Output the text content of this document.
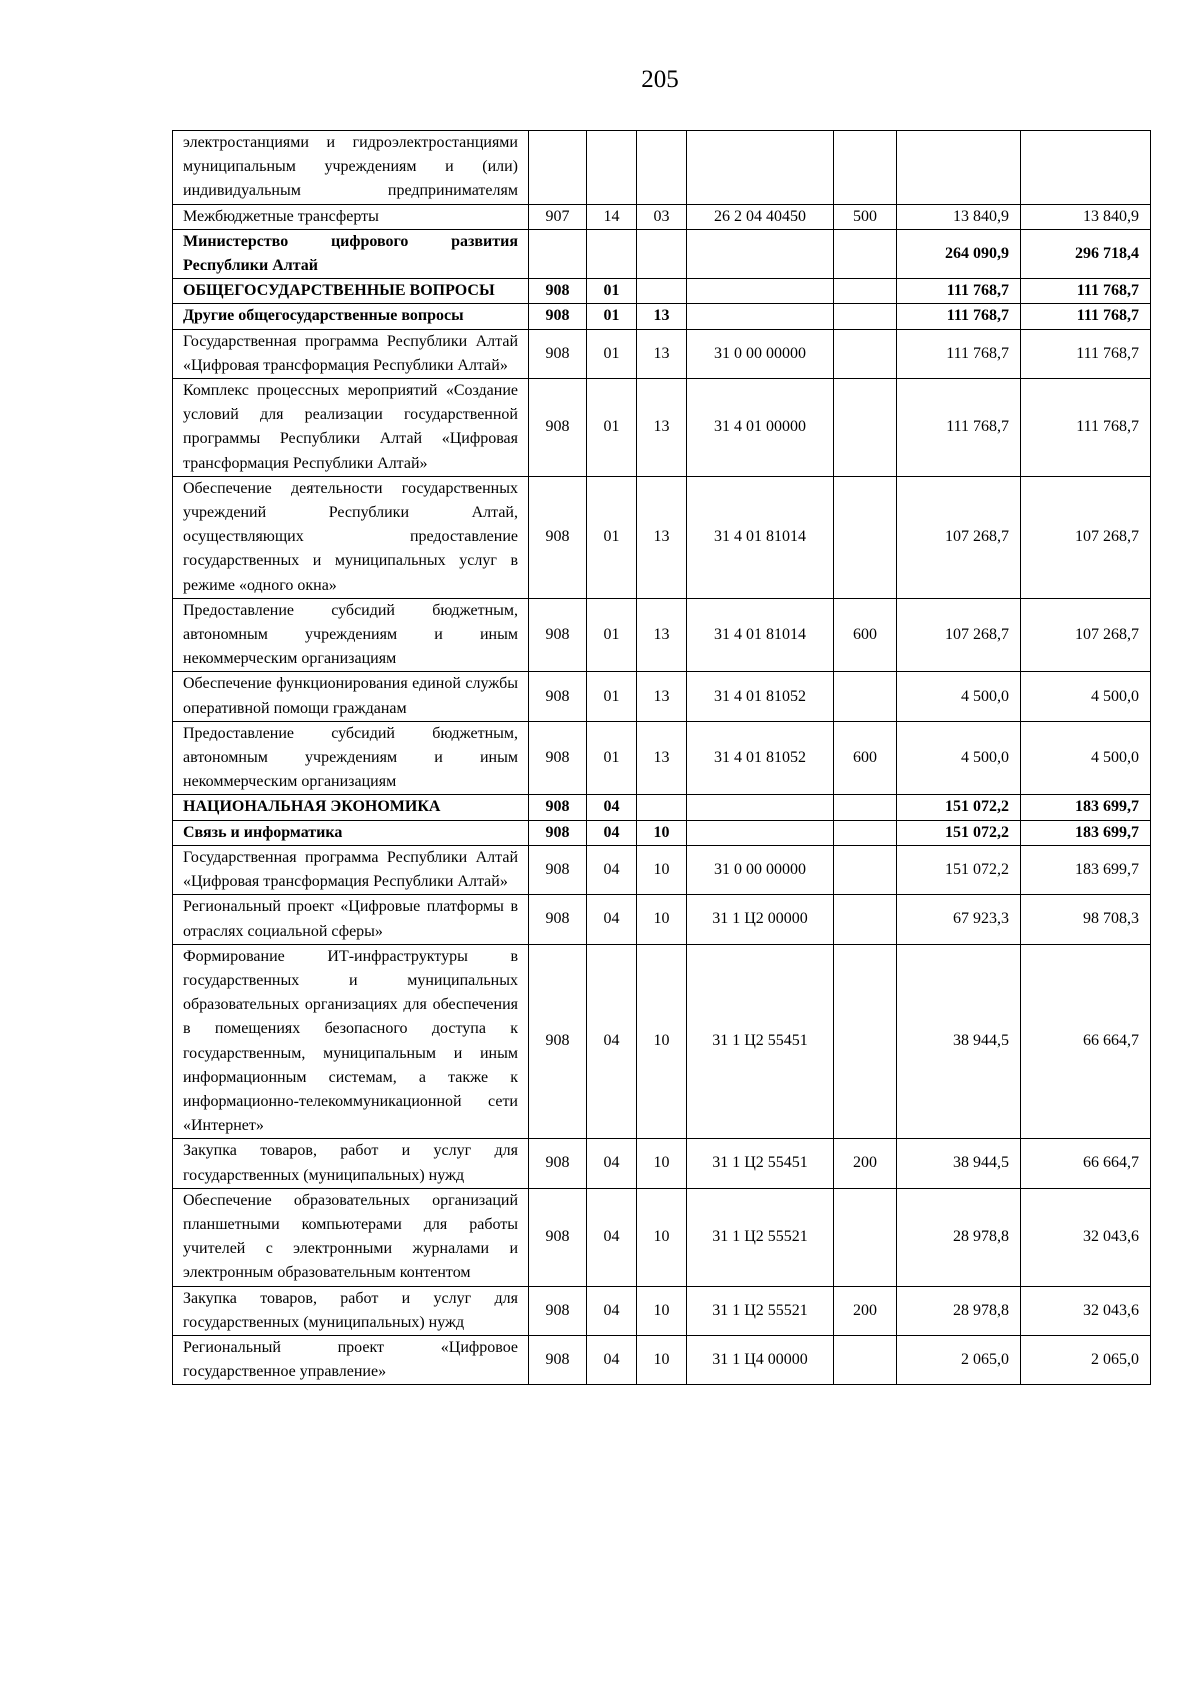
205
электростанциями и гидроэлектростанциями муниципальным учреждениям и (или) индивидуальным предпринимателям							
Межбюджетные трансферты	907	14	03	26 2 04 40450	500	13 840,9	13 840,9
Министерство цифрового развития Республики Алтай						264 090,9	296 718,4
ОБЩЕГОСУДАРСТВЕННЫЕ ВОПРОСЫ	908	01				111 768,7	111 768,7
Другие общегосударственные вопросы	908	01	13			111 768,7	111 768,7
Государственная программа Республики Алтай «Цифровая трансформация Республики Алтай»	908	01	13	31 0 00 00000		111 768,7	111 768,7
Комплекс процессных мероприятий «Создание условий для реализации государственной программы Республики Алтай «Цифровая трансформация Республики Алтай»	908	01	13	31 4 01 00000		111 768,7	111 768,7
Обеспечение деятельности государственных учреждений Республики Алтай, осуществляющих предоставление государственных и муниципальных услуг в режиме «одного окна»	908	01	13	31 4 01 81014		107 268,7	107 268,7
Предоставление субсидий бюджетным, автономным учреждениям и иным некоммерческим организациям	908	01	13	31 4 01 81014	600	107 268,7	107 268,7
Обеспечение функционирования единой службы оперативной помощи гражданам	908	01	13	31 4 01 81052		4 500,0	4 500,0
Предоставление субсидий бюджетным, автономным учреждениям и иным некоммерческим организациям	908	01	13	31 4 01 81052	600	4 500,0	4 500,0
НАЦИОНАЛЬНАЯ ЭКОНОМИКА	908	04				151 072,2	183 699,7
Связь и информатика	908	04	10			151 072,2	183 699,7
Государственная программа Республики Алтай «Цифровая трансформация Республики Алтай»	908	04	10	31 0 00 00000		151 072,2	183 699,7
Региональный проект «Цифровые платформы в отраслях социальной сферы»	908	04	10	31 1 Ц2 00000		67 923,3	98 708,3
Формирование ИТ-инфраструктуры в государственных и муниципальных образовательных организациях для обеспечения в помещениях безопасного доступа к государственным, муниципальным и иным информационным системам, а также к информационно-телекоммуникационной сети «Интернет»	908	04	10	31 1 Ц2 55451		38 944,5	66 664,7
Закупка товаров, работ и услуг для государственных (муниципальных) нужд	908	04	10	31 1 Ц2 55451	200	38 944,5	66 664,7
Обеспечение образовательных организаций планшетными компьютерами для работы учителей с электронными журналами и электронным образовательным контентом	908	04	10	31 1 Ц2 55521		28 978,8	32 043,6
Закупка товаров, работ и услуг для государственных (муниципальных) нужд	908	04	10	31 1 Ц2 55521	200	28 978,8	32 043,6
Региональный проект «Цифровое государственное управление»	908	04	10	31 1 Ц4 00000		2 065,0	2 065,0
